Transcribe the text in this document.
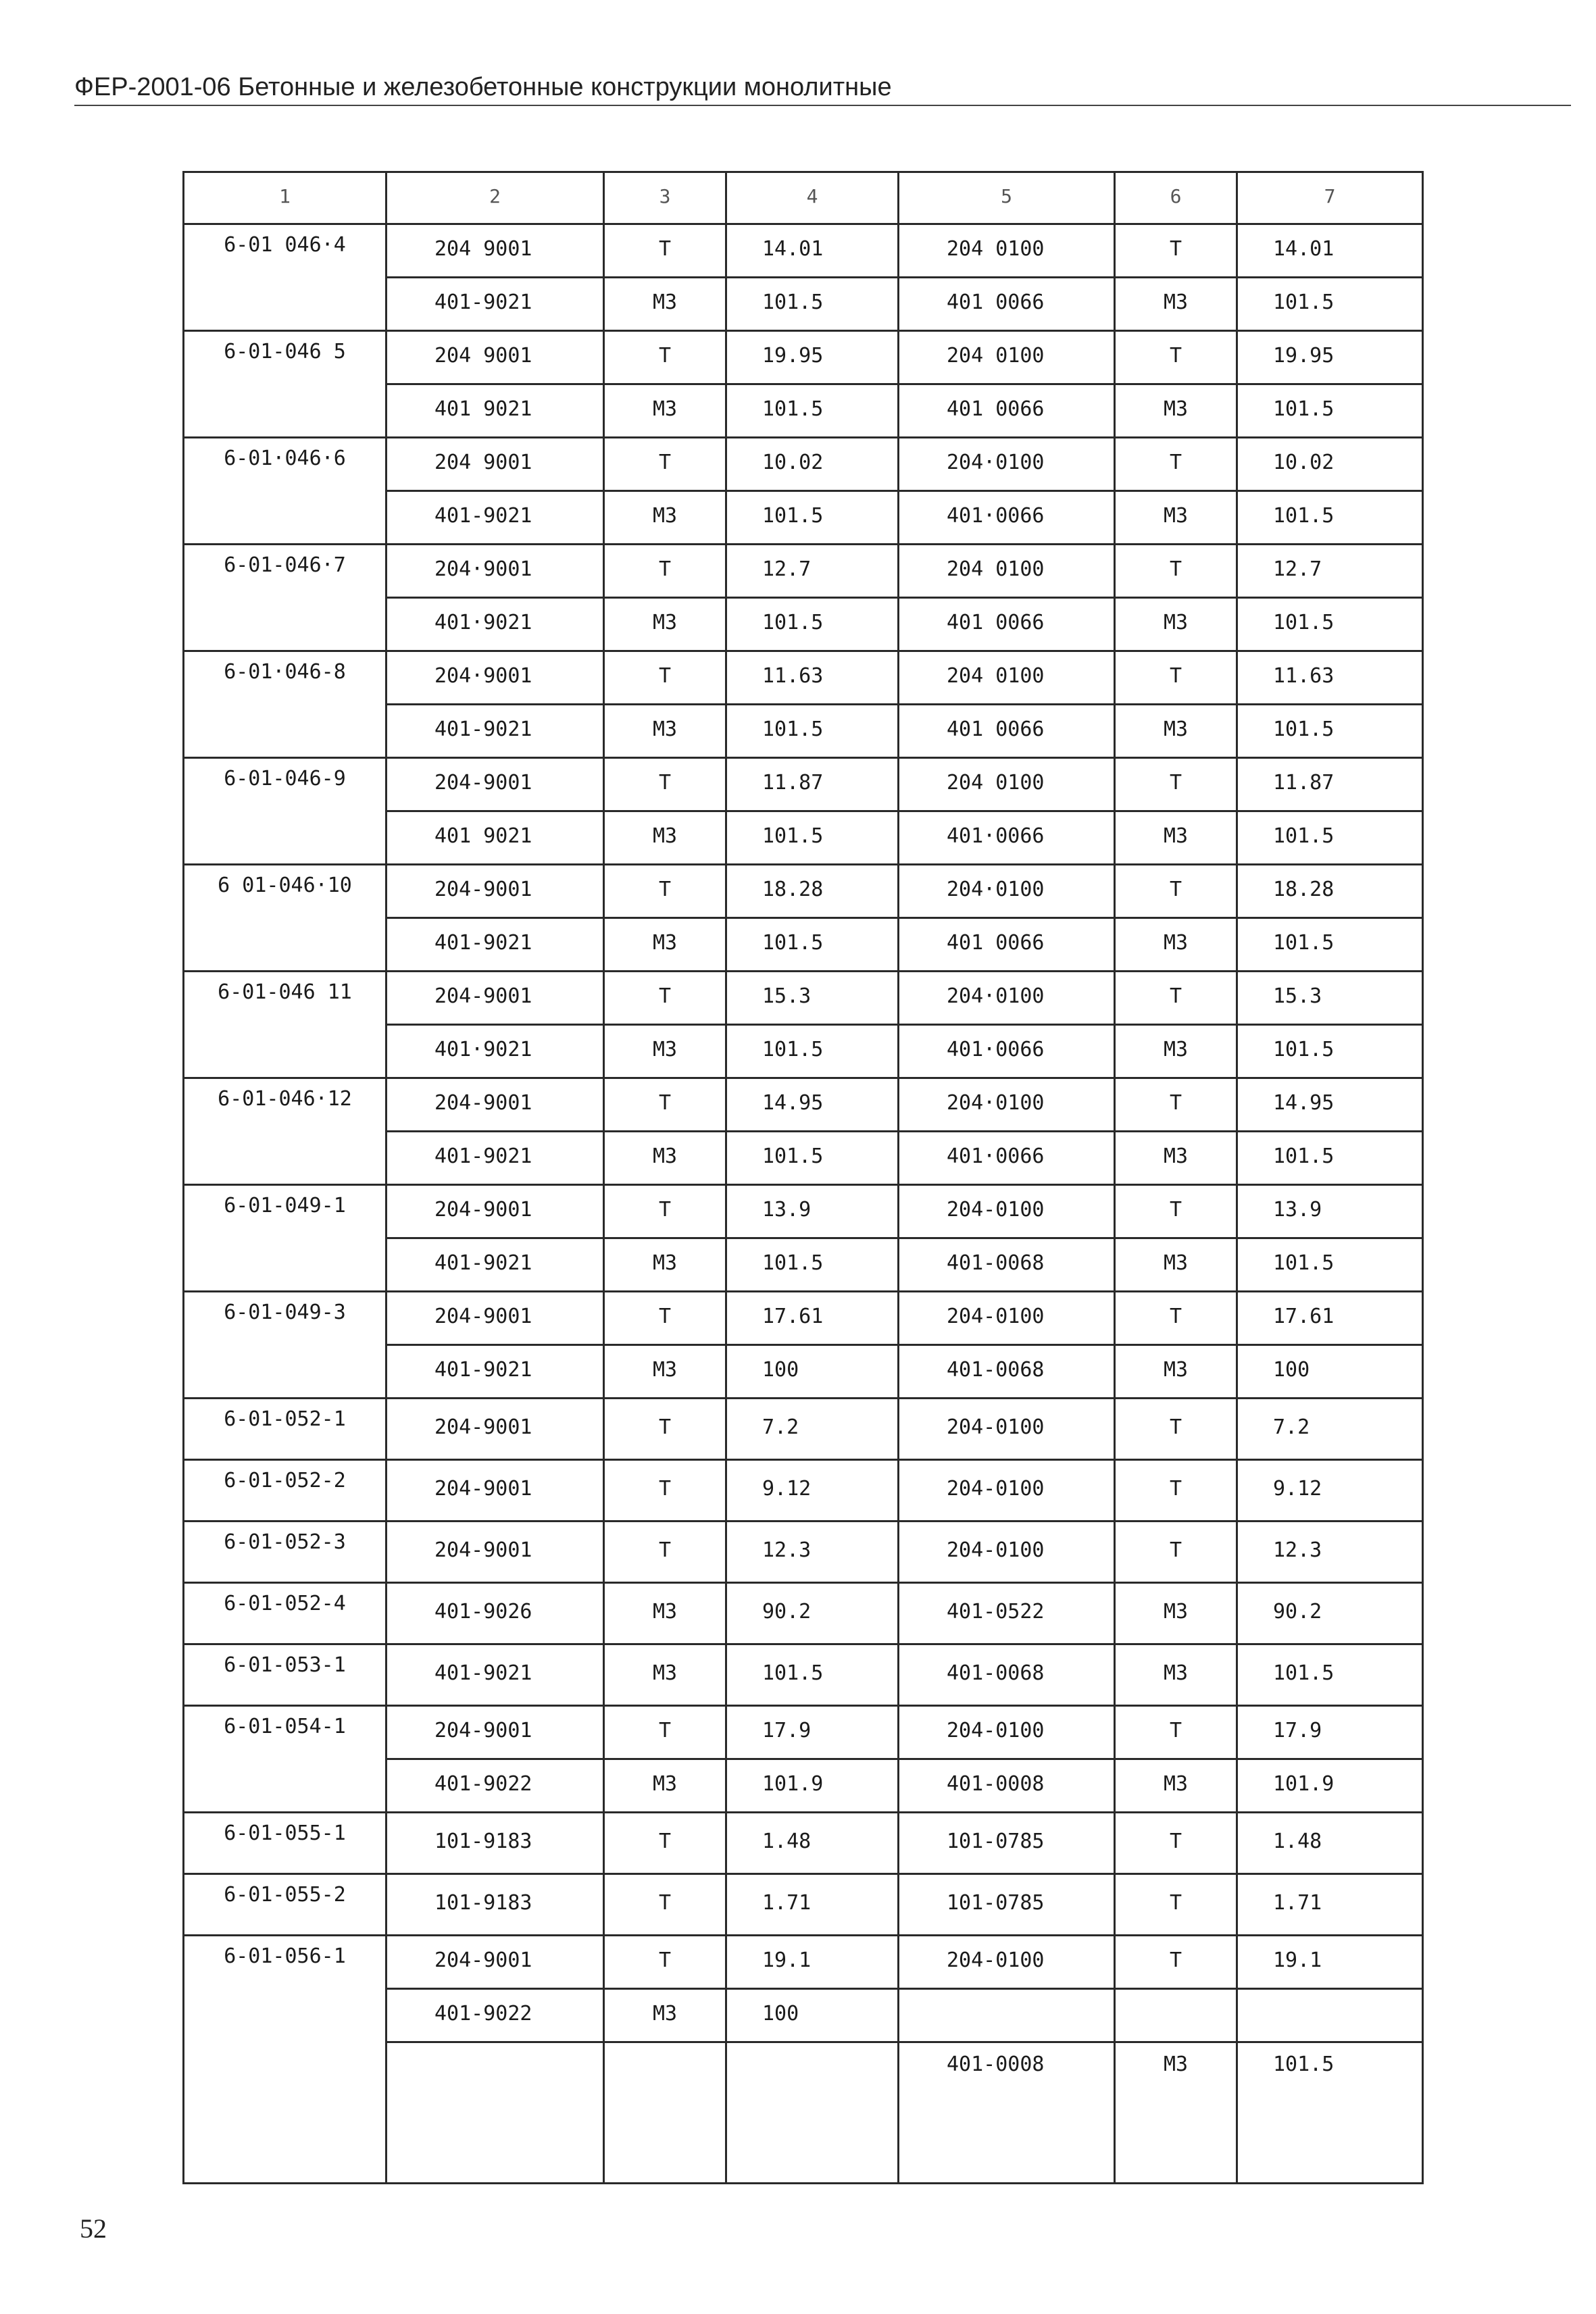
ФЕР-2001-06 Бетонные и железобетонные конструкции монолитные
1	2	3	4	5	6	7
6-01 046·4	204 9001	Т	14.01	204 0100	Т	14.01
	401-9021	М3	101.5	401 0066	М3	101.5
6-01-046 5	204 9001	Т	19.95	204 0100	Т	19.95
	401 9021	М3	101.5	401 0066	М3	101.5
6-01·046·6	204 9001	Т	10.02	204·0100	Т	10.02
	401-9021	М3	101.5	401·0066	М3	101.5
6-01-046·7	204·9001	Т	12.7	204 0100	Т	12.7
	401·9021	М3	101.5	401 0066	М3	101.5
6-01·046-8	204·9001	Т	11.63	204 0100	Т	11.63
	401-9021	М3	101.5	401 0066	М3	101.5
6-01-046-9	204-9001	Т	11.87	204 0100	Т	11.87
	401 9021	М3	101.5	401·0066	М3	101.5
6 01-046·10	204-9001	Т	18.28	204·0100	Т	18.28
	401-9021	М3	101.5	401 0066	М3	101.5
6-01-046 11	204-9001	Т	15.3	204·0100	Т	15.3
	401·9021	М3	101.5	401·0066	М3	101.5
6-01-046·12	204-9001	Т	14.95	204·0100	Т	14.95
	401-9021	М3	101.5	401·0066	М3	101.5
6-01-049-1	204-9001	Т	13.9	204-0100	Т	13.9
	401-9021	М3	101.5	401-0068	М3	101.5
6-01-049-3	204-9001	Т	17.61	204-0100	Т	17.61
	401-9021	М3	100	401-0068	М3	100
6-01-052-1	204-9001	Т	7.2	204-0100	Т	7.2
6-01-052-2	204-9001	Т	9.12	204-0100	Т	9.12
6-01-052-3	204-9001	Т	12.3	204-0100	Т	12.3
6-01-052-4	401-9026	М3	90.2	401-0522	М3	90.2
6-01-053-1	401-9021	М3	101.5	401-0068	М3	101.5
6-01-054-1	204-9001	Т	17.9	204-0100	Т	17.9
	401-9022	М3	101.9	401-0008	М3	101.9
6-01-055-1	101-9183	Т	1.48	101-0785	Т	1.48
6-01-055-2	101-9183	Т	1.71	101-0785	Т	1.71
6-01-056-1	204-9001	Т	19.1	204-0100	Т	19.1
	401-9022	М3	100			
				401-0008	М3	101.5
52
